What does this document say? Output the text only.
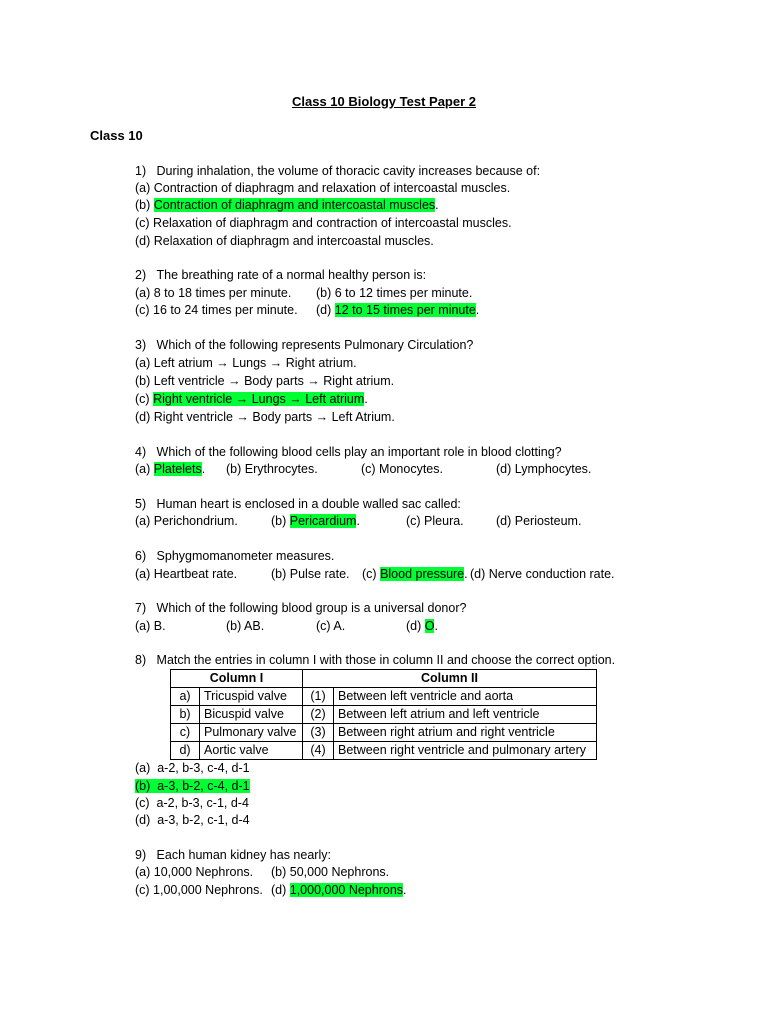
Class 10 Biology Test Paper 2
Class 10
1)   During inhalation, the volume of thoracic cavity increases because of:
(a) Contraction of diaphragm and relaxation of intercoastal muscles.
(b) Contraction of diaphragm and intercoastal muscles.
(c) Relaxation of diaphragm and contraction of intercoastal muscles.
(d) Relaxation of diaphragm and intercoastal muscles.
2)   The breathing rate of a normal healthy person is:
(a) 8 to 18 times per minute. (b) 6 to 12 times per minute.
(c) 16 to 24 times per minute. (d) 12 to 15 times per minute.
3)   Which of the following represents Pulmonary Circulation?
(a) Left atrium → Lungs → Right atrium.
(b) Left ventricle → Body parts → Right atrium.
(c) Right ventricle → Lungs → Left atrium.
(d) Right ventricle → Body parts → Left Atrium.
4)   Which of the following blood cells play an important role in blood clotting?
(a) Platelets. (b) Erythrocytes.	(c) Monocytes.	(d) Lymphocytes.
5)   Human heart is enclosed in a double walled sac called:
(a) Perichondrium.	(b) Pericardium.	(c) Pleura.	(d) Periosteum.
6)   Sphygmomanometer measures.
(a) Heartbeat rate.	(b) Pulse rate. (c) Blood pressure. (d) Nerve conduction rate.
7)   Which of the following blood group is a universal donor?
(a) B.	(b) AB.	(c) A.	(d) O.
8)   Match the entries in column I with those in column II and choose the correct option.
Column I		Column II	
a)	Tricuspid valve	(1)	Between left ventricle and aorta
b)	Bicuspid valve	(2)	Between left atrium and left ventricle
c)	Pulmonary valve	(3)	Between right atrium and right ventricle
d)	Aortic valve	(4)	Between right ventricle and pulmonary artery
(a)  a-2, b-3, c-4, d-1
(b)  a-3, b-2, c-4, d-1
(c)  a-2, b-3, c-1, d-4
(d)  a-3, b-2, c-1, d-4
9)   Each human kidney has nearly:
(a) 10,000 Nephrons. (b) 50,000 Nephrons.
(c) 1,00,000 Nephrons. (d) 1,000,000 Nephrons.
